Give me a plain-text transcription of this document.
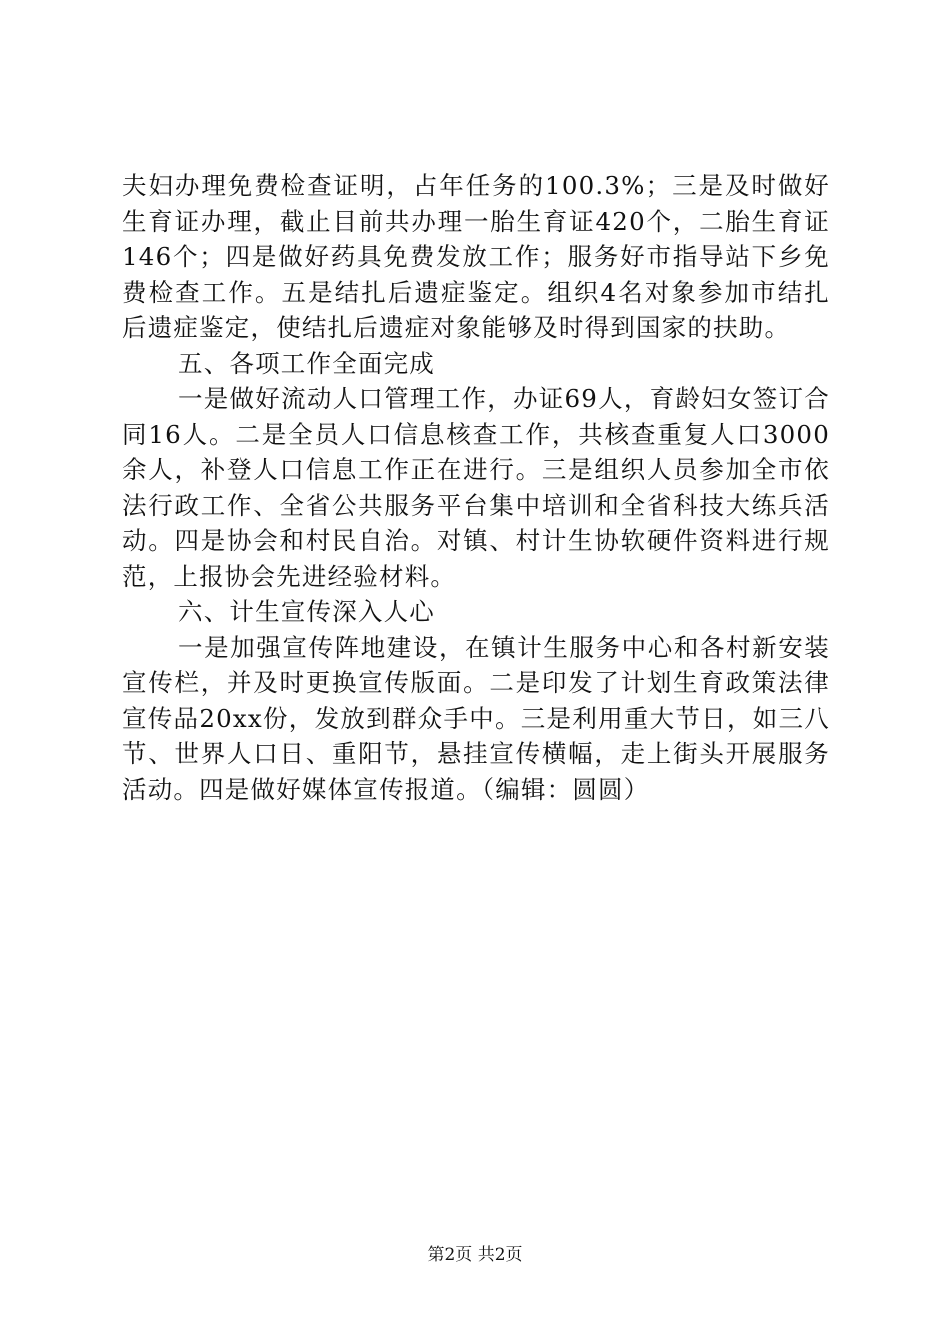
夫妇办理免费检查证明，占年任务的100.3%；三是及时做好生育证办理，截止目前共办理一胎生育证420个，二胎生育证146个；四是做好药具免费发放工作；服务好市指导站下乡免费检查工作。五是结扎后遗症鉴定。组织4名对象参加市结扎后遗症鉴定，使结扎后遗症对象能够及时得到国家的扶助。

五、各项工作全面完成

一是做好流动人口管理工作，办证69人，育龄妇女签订合同16人。二是全员人口信息核查工作，共核查重复人口3000余人，补登人口信息工作正在进行。三是组织人员参加全市依法行政工作、全省公共服务平台集中培训和全省科技大练兵活动。四是协会和村民自治。对镇、村计生协软硬件资料进行规范，上报协会先进经验材料。

六、计生宣传深入人心

一是加强宣传阵地建设，在镇计生服务中心和各村新安装宣传栏，并及时更换宣传版面。二是印发了计划生育政策法律宣传品20xx份，发放到群众手中。三是利用重大节日，如三八节、世界人口日、重阳节，悬挂宣传横幅，走上街头开展服务活动。四是做好媒体宣传报道。（编辑：圆圆）

第2页 共2页
